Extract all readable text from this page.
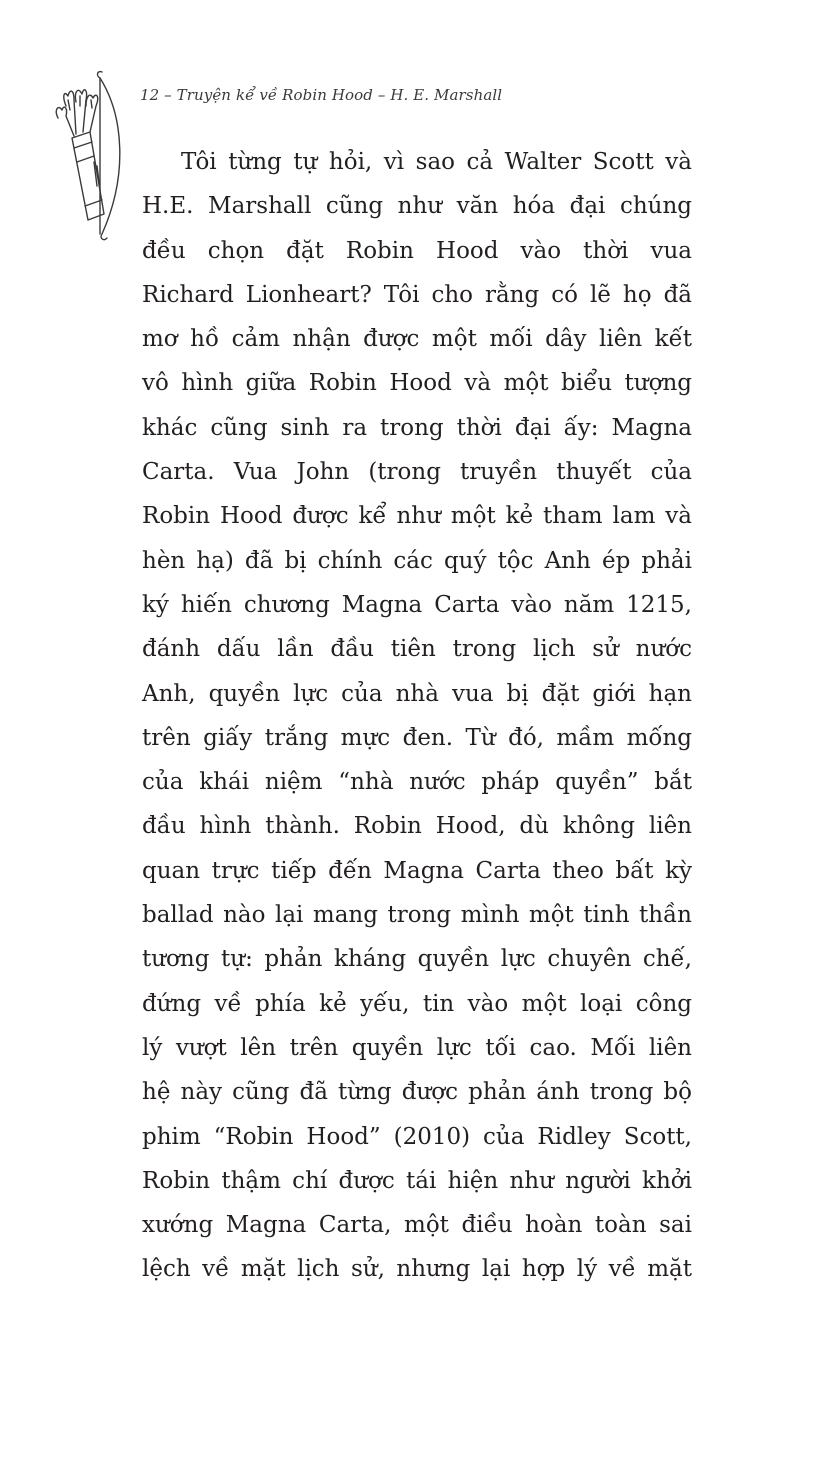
12 – Truyện kể về Robin Hood – H. E. Marshall
Tôi từng tự hỏi, vì sao cả Walter Scott và
H.E. Marshall cũng như văn hóa đại chúng
đều chọn đặt Robin Hood vào thời vua
Richard Lionheart? Tôi cho rằng có lẽ họ đã
mơ hồ cảm nhận được một mối dây liên kết
vô hình giữa Robin Hood và một biểu tượng
khác cũng sinh ra trong thời đại ấy: Magna
Carta. Vua John (trong truyền thuyết của
Robin Hood được kể như một kẻ tham lam và
hèn hạ) đã bị chính các quý tộc Anh ép phải
ký hiến chương Magna Carta vào năm 1215,
đánh dấu lần đầu tiên trong lịch sử nước
Anh, quyền lực của nhà vua bị đặt giới hạn
trên giấy trắng mực đen. Từ đó, mầm mống
của khái niệm “nhà nước pháp quyền” bắt
đầu hình thành. Robin Hood, dù không liên
quan trực tiếp đến Magna Carta theo bất kỳ
ballad nào lại mang trong mình một tinh thần
tương tự: phản kháng quyền lực chuyên chế,
đứng về phía kẻ yếu, tin vào một loại công
lý vượt lên trên quyền lực tối cao. Mối liên
hệ này cũng đã từng được phản ánh trong bộ
phim “Robin Hood” (2010) của Ridley Scott,
Robin thậm chí được tái hiện như người khởi
xướng Magna Carta, một điều hoàn toàn sai
lệch về mặt lịch sử, nhưng lại hợp lý về mặt
